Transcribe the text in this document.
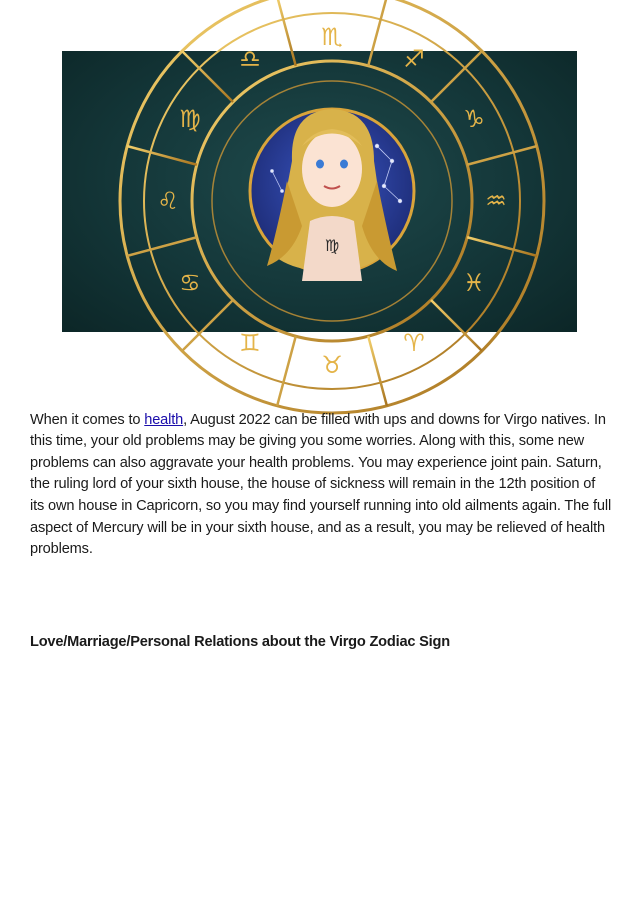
♐
♑
♒
♓
♈
♉
♊
♋
♌
♍
♎
♏
♍

When it comes to health, August 2022 can be filled with ups and downs for Virgo natives. In this time, your old problems may be giving you some worries. Along with this, some new problems can also aggravate your health problems. You may experience joint pain. Saturn, the ruling lord of your sixth house, the house of sickness will remain in the 12th position of its own house in Capricorn, so you may find yourself running into old ailments again. The full aspect of Mercury will be in your sixth house, and as a result, you may be relieved of health problems.

Love/Marriage/Personal Relations about the Virgo Zodiac Sign
